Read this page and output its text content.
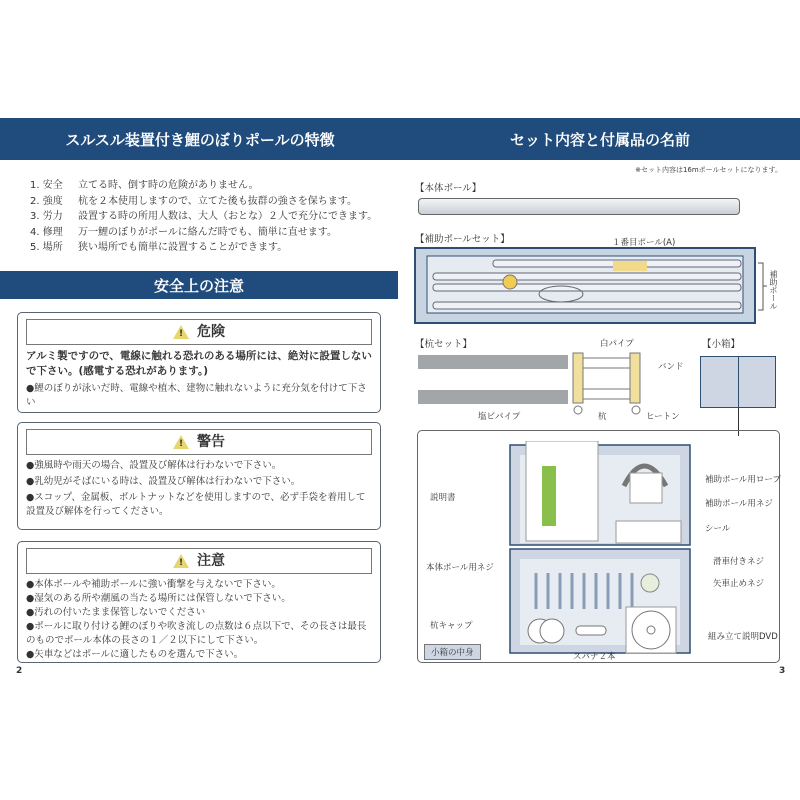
スルスル装置付き鯉のぼりポールの特徴	セット内容と付属品の名前
1. 安全 立てる時、倒す時の危険がありません。
2. 強度 杭を２本使用しますので、立てた後も抜群の強さを保ちます。
3. 労力 設置する時の所用人数は、大人（おとな）２人で充分にできます。
4. 修理 万一鯉のぼりがポールに絡んだ時でも、簡単に直せます。
5. 場所 狭い場所でも簡単に設置することができます。
安全上の注意
!
危険
アルミ製ですので、電線に触れる恐れのある場所には、絶対に設置しないで下さい。(感電する恐れがあります。)
●鯉のぼりが泳いだ時、電線や植木、建物に触れないように充分気を付けて下さい
!
警告
●強風時や雨天の場合、設置及び解体は行わないで下さい。
●乳幼児がそばにいる時は、設置及び解体は行わないで下さい。
●スコップ、金属板、ボルトナットなどを使用しますので、必ず手袋を着用して設置及び解体を行ってください。
!
注意
●本体ポールや補助ポールに強い衝撃を与えないで下さい。
●湿気のある所や潮風の当たる場所には保管しないで下さい。
●汚れの付いたまま保管しないでください
●ポールに取り付ける鯉のぼりや吹き流しの点数は６点以下で、その長さは最長のものでポール本体の長さの１／２以下にして下さい。
●矢車などはポールに適したものを選んで下さい。
2
※セット内容は16mポールセットになります。
【本体ボール】
【補助ポールセット】	１番目ポール(A)
補助ポール
【杭セット】	白パイプ
バンド
塩ビパイプ	杭	ヒートン
【小箱】
説明書
補助ポール用ロープ
補助ポール用ネジ
シール
本体ポール用ネジ
滑車付きネジ
矢車止めネジ
杭キャップ
組み立て説明DVD
スパナ２本
小箱の中身
3
